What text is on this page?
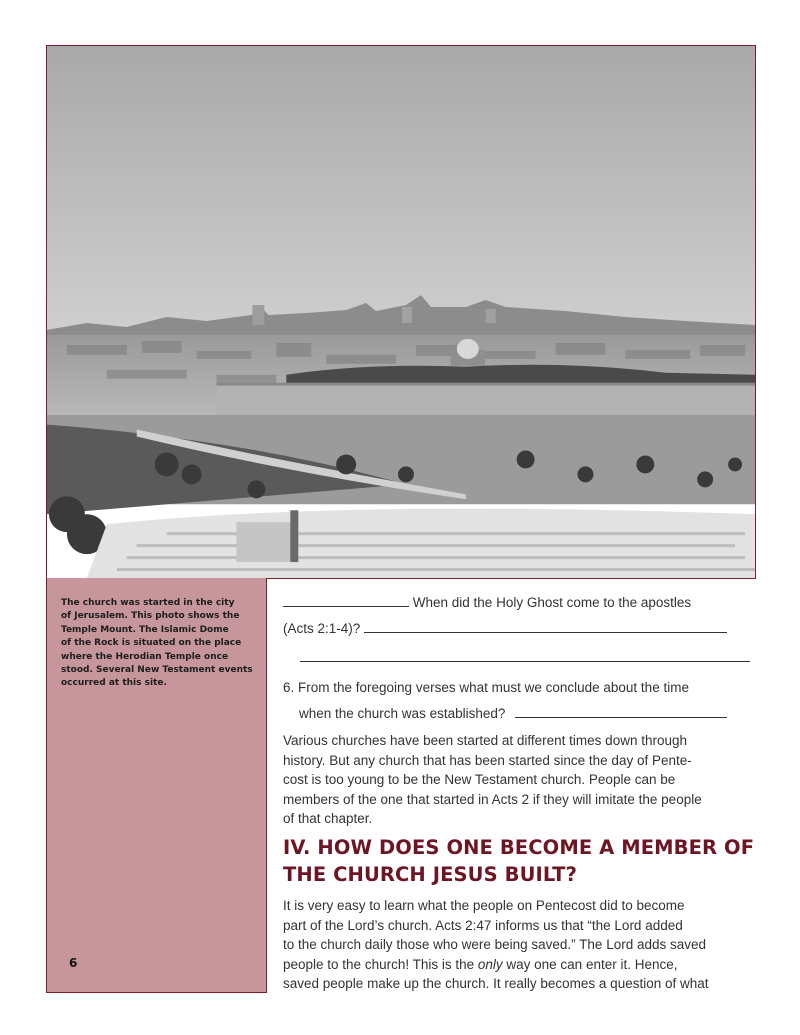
The church was started in the city
of Jerusalem. This photo shows the
Temple Mount. The Islamic Dome
of the Rock is situated on the place
where the Herodian Temple once
stood. Several New Testament events
occurred at this site.
6
When did the Holy Ghost come to the apostles
(Acts 2:1-4)?
6. From the foregoing verses what must we conclude about the time
when the church was established?
Various churches have been started at different times down through
history. But any church that has been started since the day of Pente-
cost is too young to be the New Testament church. People can be
members of the one that started in Acts 2 if they will imitate the people
of that chapter.
IV. HOW DOES ONE BECOME A MEMBER OF
THE CHURCH JESUS BUILT?
It is very easy to learn what the people on Pentecost did to become
part of the Lord’s church. Acts 2:47 informs us that “the Lord added
to the church daily those who were being saved.” The Lord adds saved
people to the church! This is the only way one can enter it. Hence,
saved people make up the church. It really becomes a question of what
